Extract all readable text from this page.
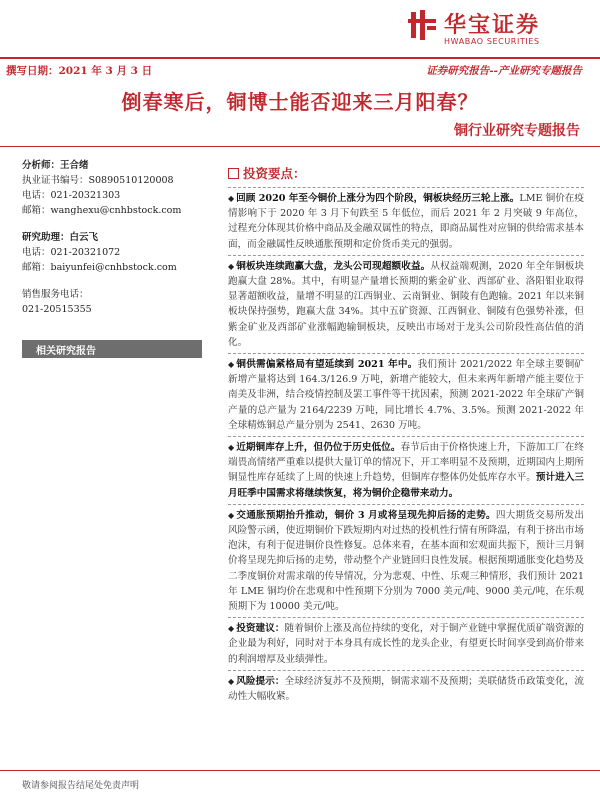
华宝证券
HWABAO SECURITIES
撰写日期：2021 年 3 月 3 日	证券研究报告--产业研究专题报告
倒春寒后，铜博士能否迎来三月阳春？
铜行业研究专题报告
分析师：王合绪
执业证书编号：S0890510120008
电话：021-20321303
邮箱：wanghexu@cnhbstock.com
研究助理：白云飞
电话：021-20321072
邮箱：baiyunfei@cnhbstock.com
销售服务电话：
021-20515355
相关研究报告
投资要点：

◆ 回顾 2020 年至今铜价上涨分为四个阶段，铜板块经历三轮上涨。LME 铜价在疫情影响下于 2020 年 3 月下旬跌至 5 年低位，而后 2021 年 2 月突破 9 年高位，过程充分体现其价格中商品及金融双属性的特点，即商品属性对应铜的供给需求基本面，而金融属性反映通胀预期和定价货币美元的强弱。

◆ 铜板块连续跑赢大盘，龙头公司现超额收益。从权益端观测，2020 年全年铜板块跑赢大盘 28%。其中，有明显产量增长预期的紫金矿业、西部矿业、洛阳钼业取得显著超额收益，量增不明显的江西铜业、云南铜业、铜陵有色跑输。2021 年以来铜板块保持强势，跑赢大盘 34%。其中五矿资源、江西铜业、铜陵有色强势补涨，但紫金矿业及西部矿业涨幅跑输铜板块，反映出市场对于龙头公司阶段性高估值的消化。

◆ 铜供需偏紧格局有望延续到 2021 年中。我们预计 2021/2022 年全球主要铜矿新增产量将达到 164.3/126.9 万吨，新增产能较大，但未来两年新增产能主要位于南美及非洲，结合疫情控制及罢工事件等干扰因素，预测 2021-2022 年全球矿产铜产量的总产量为 2164/2239 万吨，同比增长 4.7%、3.5%。预测 2021-2022 年全球精炼铜总产量分别为 2541、2630 万吨。

◆ 近期铜库存上升，但仍位于历史低位。春节后由于价格快速上升，下游加工厂在终端畏高情绪严重难以提供大量订单的情况下，开工率明显不及预期，近期国内上期所铜显性库存延续了上周的快速上升趋势，但铜库存整体仍处低库存水平。预计进入三月旺季中国需求将继续恢复，将为铜价企稳带来动力。

◆ 交通胀预期抬升推动，铜价 3 月或将呈现先抑后扬的走势。四大期货交易所发出风险警示函，使近期铜价下跌短期内对过热的投机性行情有所降温，有利于挤出市场泡沫，有利于促进铜价良性修复。总体来看，在基本面和宏观面共振下，预计三月铜价将呈现先抑后扬的走势，带动整个产业链回归良性发展。根据预期通胀变化趋势及二季度铜价对需求端的传导情况，分为悲观、中性、乐观三种情形，我们预计 2021 年 LME 铜均价在悲观和中性预期下分别为 7000 美元/吨、9000 美元/吨，在乐观预期下为 10000 美元/吨。

◆ 投资建议：随着铜价上涨及高位持续的变化，对于铜产业链中掌握优质矿端资源的企业最为利好，同时对于本身具有成长性的龙头企业，有望更长时间享受到高价带来的利润增厚及业绩弹性。

◆ 风险提示：全球经济复苏不及预期，铜需求端不及预期；美联储货币政策变化，流动性大幅收紧。

敬请参阅报告结尾处免责声明
